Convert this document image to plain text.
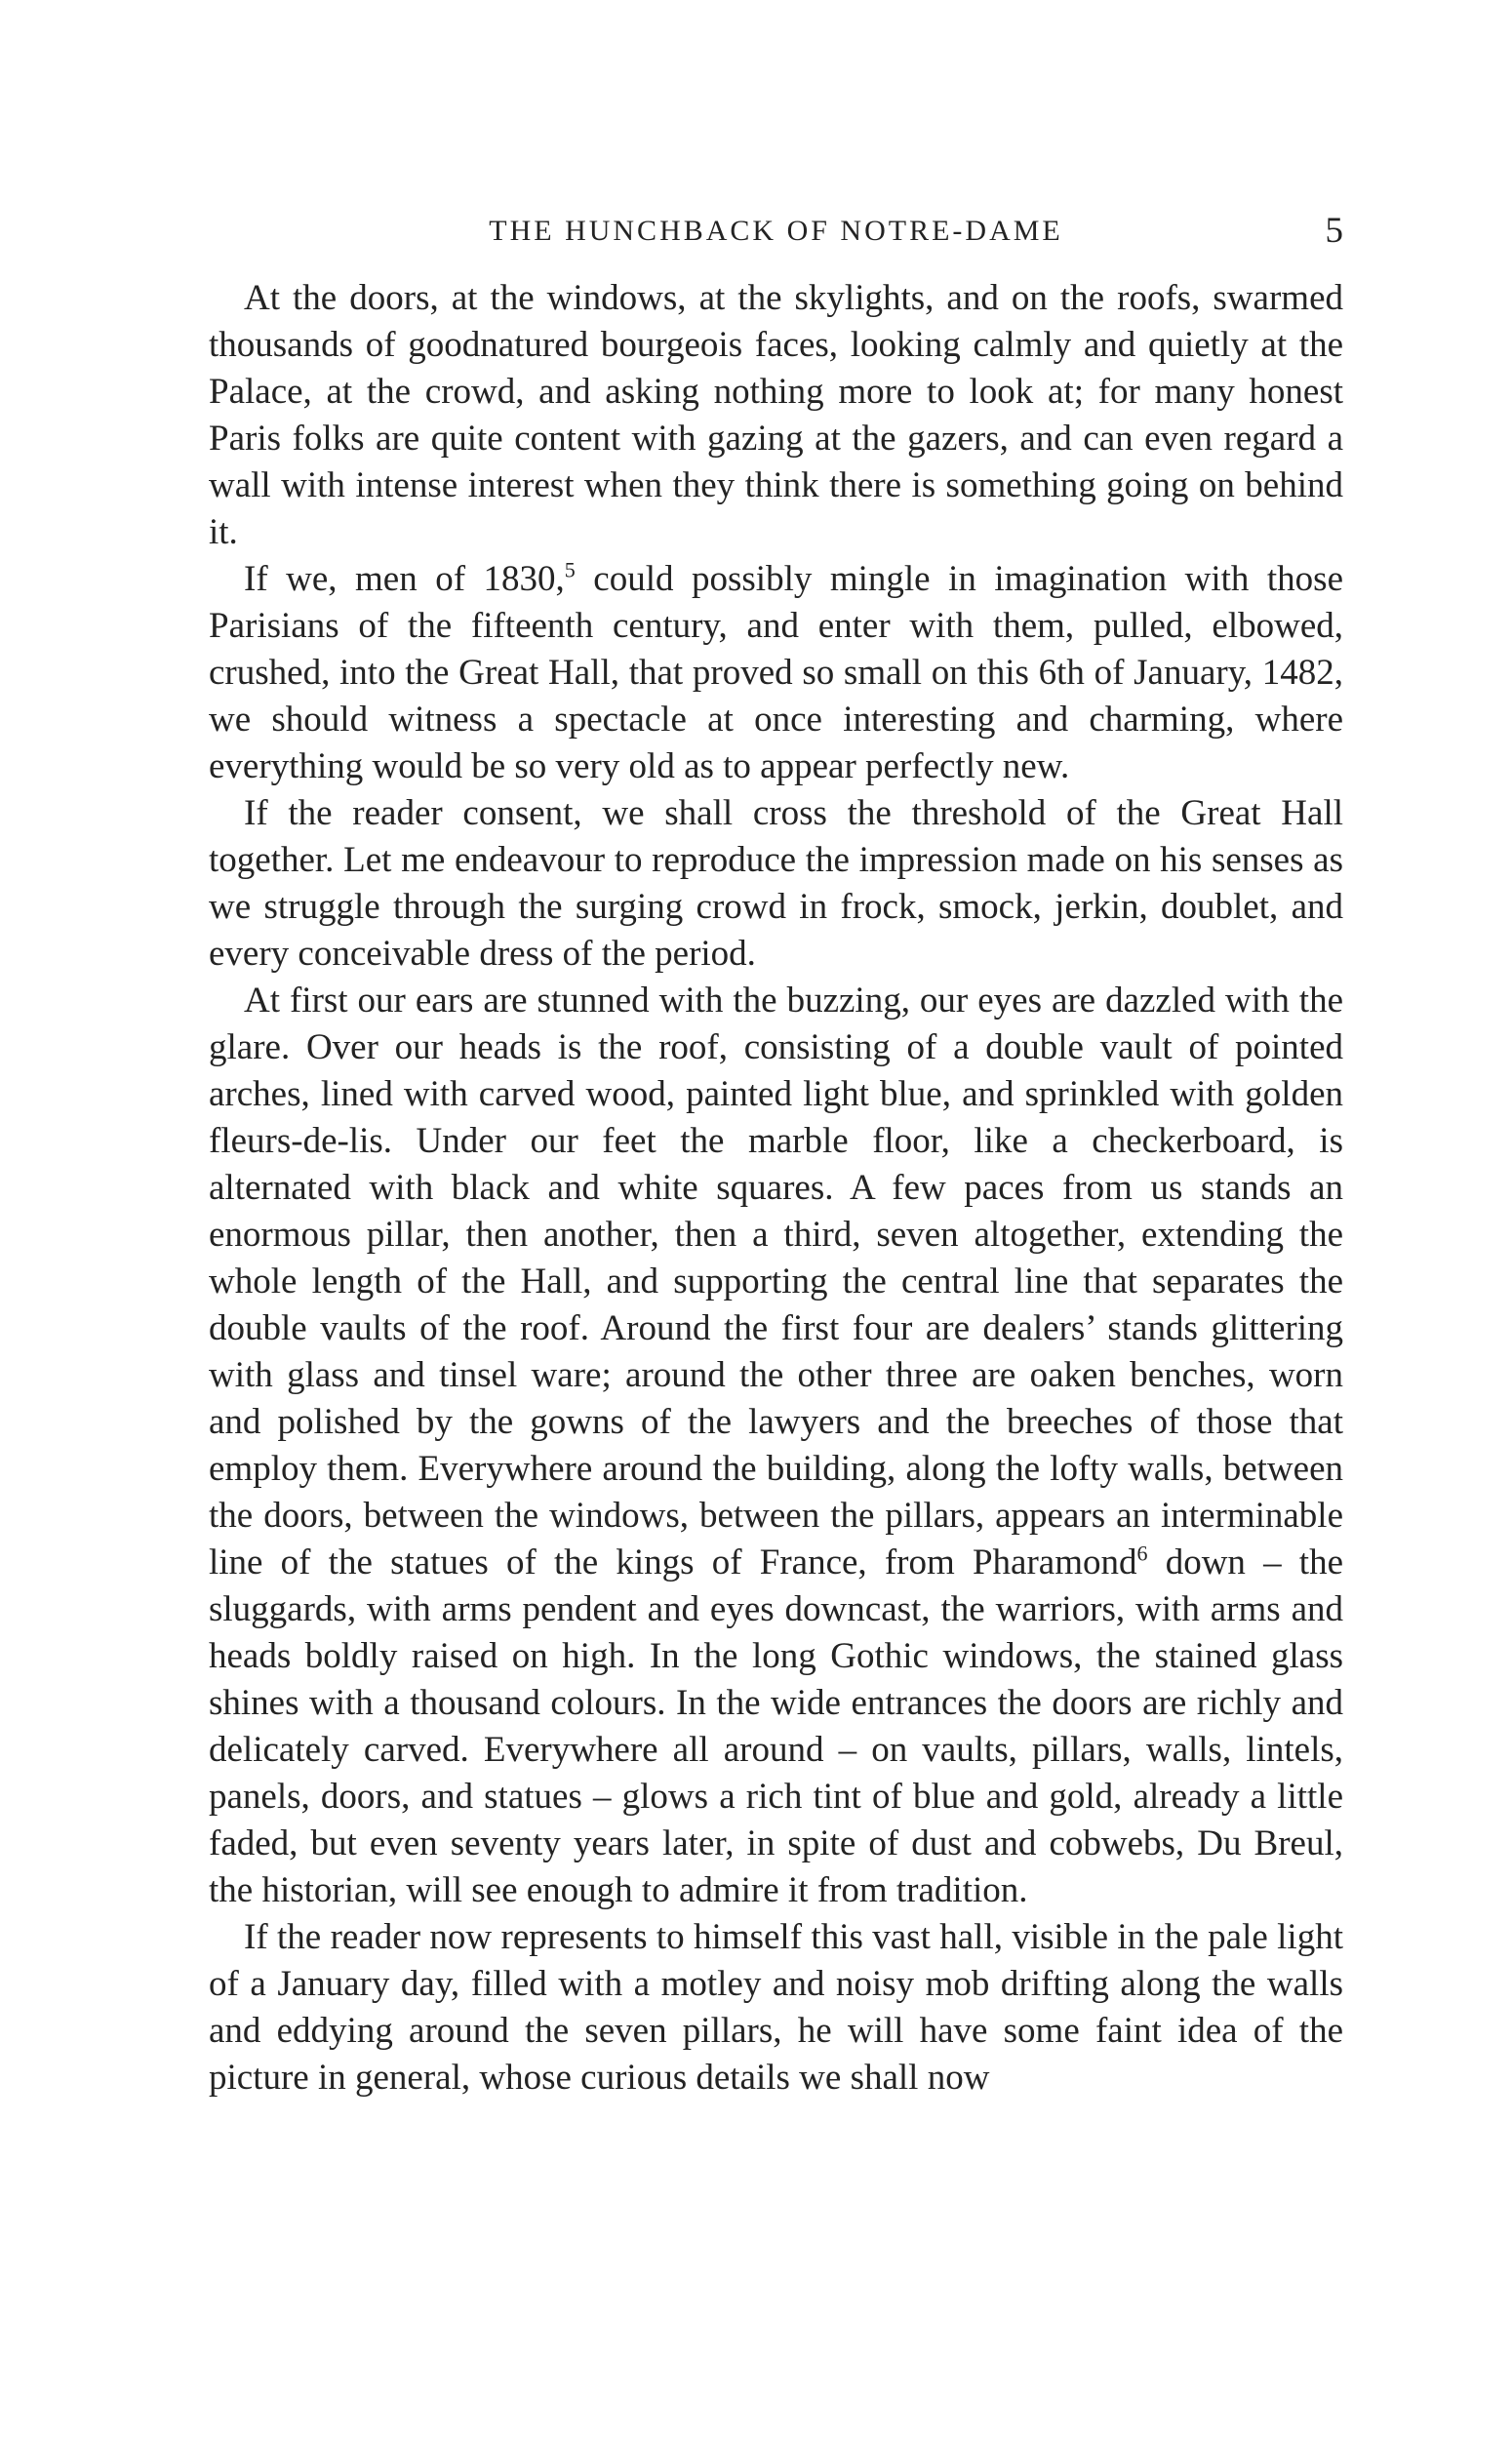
THE HUNCHBACK OF NOTRE-DAME	5

At the doors, at the windows, at the skylights, and on the roofs, swarmed thousands of goodnatured bourgeois faces, looking calmly and quietly at the Palace, at the crowd, and asking nothing more to look at; for many honest Paris folks are quite content with gazing at the gazers, and can even regard a wall with intense interest when they think there is something going on behind it.

If we, men of 1830,$^5$ could possibly mingle in imagination with those Parisians of the fifteenth century, and enter with them, pulled, elbowed, crushed, into the Great Hall, that proved so small on this 6th of January, 1482, we should witness a spectacle at once interesting and charming, where everything would be so very old as to appear perfectly new.

If the reader consent, we shall cross the threshold of the Great Hall together. Let me endeavour to reproduce the impression made on his senses as we struggle through the surging crowd in frock, smock, jerkin, doublet, and every conceivable dress of the period.

At first our ears are stunned with the buzzing, our eyes are dazzled with the glare. Over our heads is the roof, consisting of a double vault of pointed arches, lined with carved wood, painted light blue, and sprinkled with golden fleurs-de-lis. Under our feet the marble floor, like a checkerboard, is alternated with black and white squares. A few paces from us stands an enormous pillar, then another, then a third, seven altogether, extending the whole length of the Hall, and supporting the central line that separates the double vaults of the roof. Around the first four are dealers’ stands glittering with glass and tinsel ware; around the other three are oaken benches, worn and polished by the gowns of the lawyers and the breeches of those that employ them. Everywhere around the building, along the lofty walls, between the doors, between the windows, between the pillars, appears an interminable line of the statues of the kings of France, from Pharamond$^6$ down – the sluggards, with arms pendent and eyes downcast, the warriors, with arms and heads boldly raised on high. In the long Gothic windows, the stained glass shines with a thousand colours. In the wide entrances the doors are richly and delicately carved. Everywhere all around – on vaults, pillars, walls, lintels, panels, doors, and statues – glows a rich tint of blue and gold, already a little faded, but even seventy years later, in spite of dust and cobwebs, Du Breul, the historian, will see enough to admire it from tradition.

If the reader now represents to himself this vast hall, visible in the pale light of a January day, filled with a motley and noisy mob drifting along the walls and eddying around the seven pillars, he will have some faint idea of the picture in general, whose curious details we shall now
